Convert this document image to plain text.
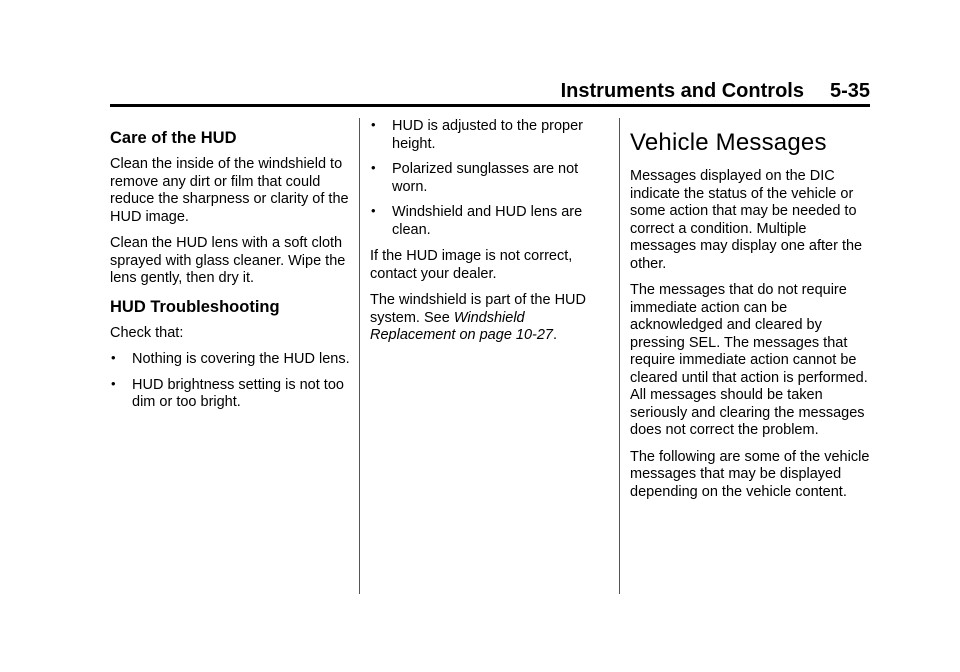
Instruments and Controls 5-35
Care of the HUD

Clean the inside of the windshield to remove any dirt or film that could reduce the sharpness or clarity of the HUD image.

Clean the HUD lens with a soft cloth sprayed with glass cleaner. Wipe the lens gently, then dry it.

HUD Troubleshooting

Check that:

• Nothing is covering the HUD lens.
• HUD brightness setting is not too dim or too bright.
• HUD is adjusted to the proper height.
• Polarized sunglasses are not worn.
• Windshield and HUD lens are clean.

If the HUD image is not correct, contact your dealer.

The windshield is part of the HUD system. See Windshield Replacement on page 10-27.

Vehicle Messages

Messages displayed on the DIC indicate the status of the vehicle or some action that may be needed to correct a condition. Multiple messages may display one after the other.

The messages that do not require immediate action can be acknowledged and cleared by pressing SEL. The messages that require immediate action cannot be cleared until that action is performed. All messages should be taken seriously and clearing the messages does not correct the problem.

The following are some of the vehicle messages that may be displayed depending on the vehicle content.
